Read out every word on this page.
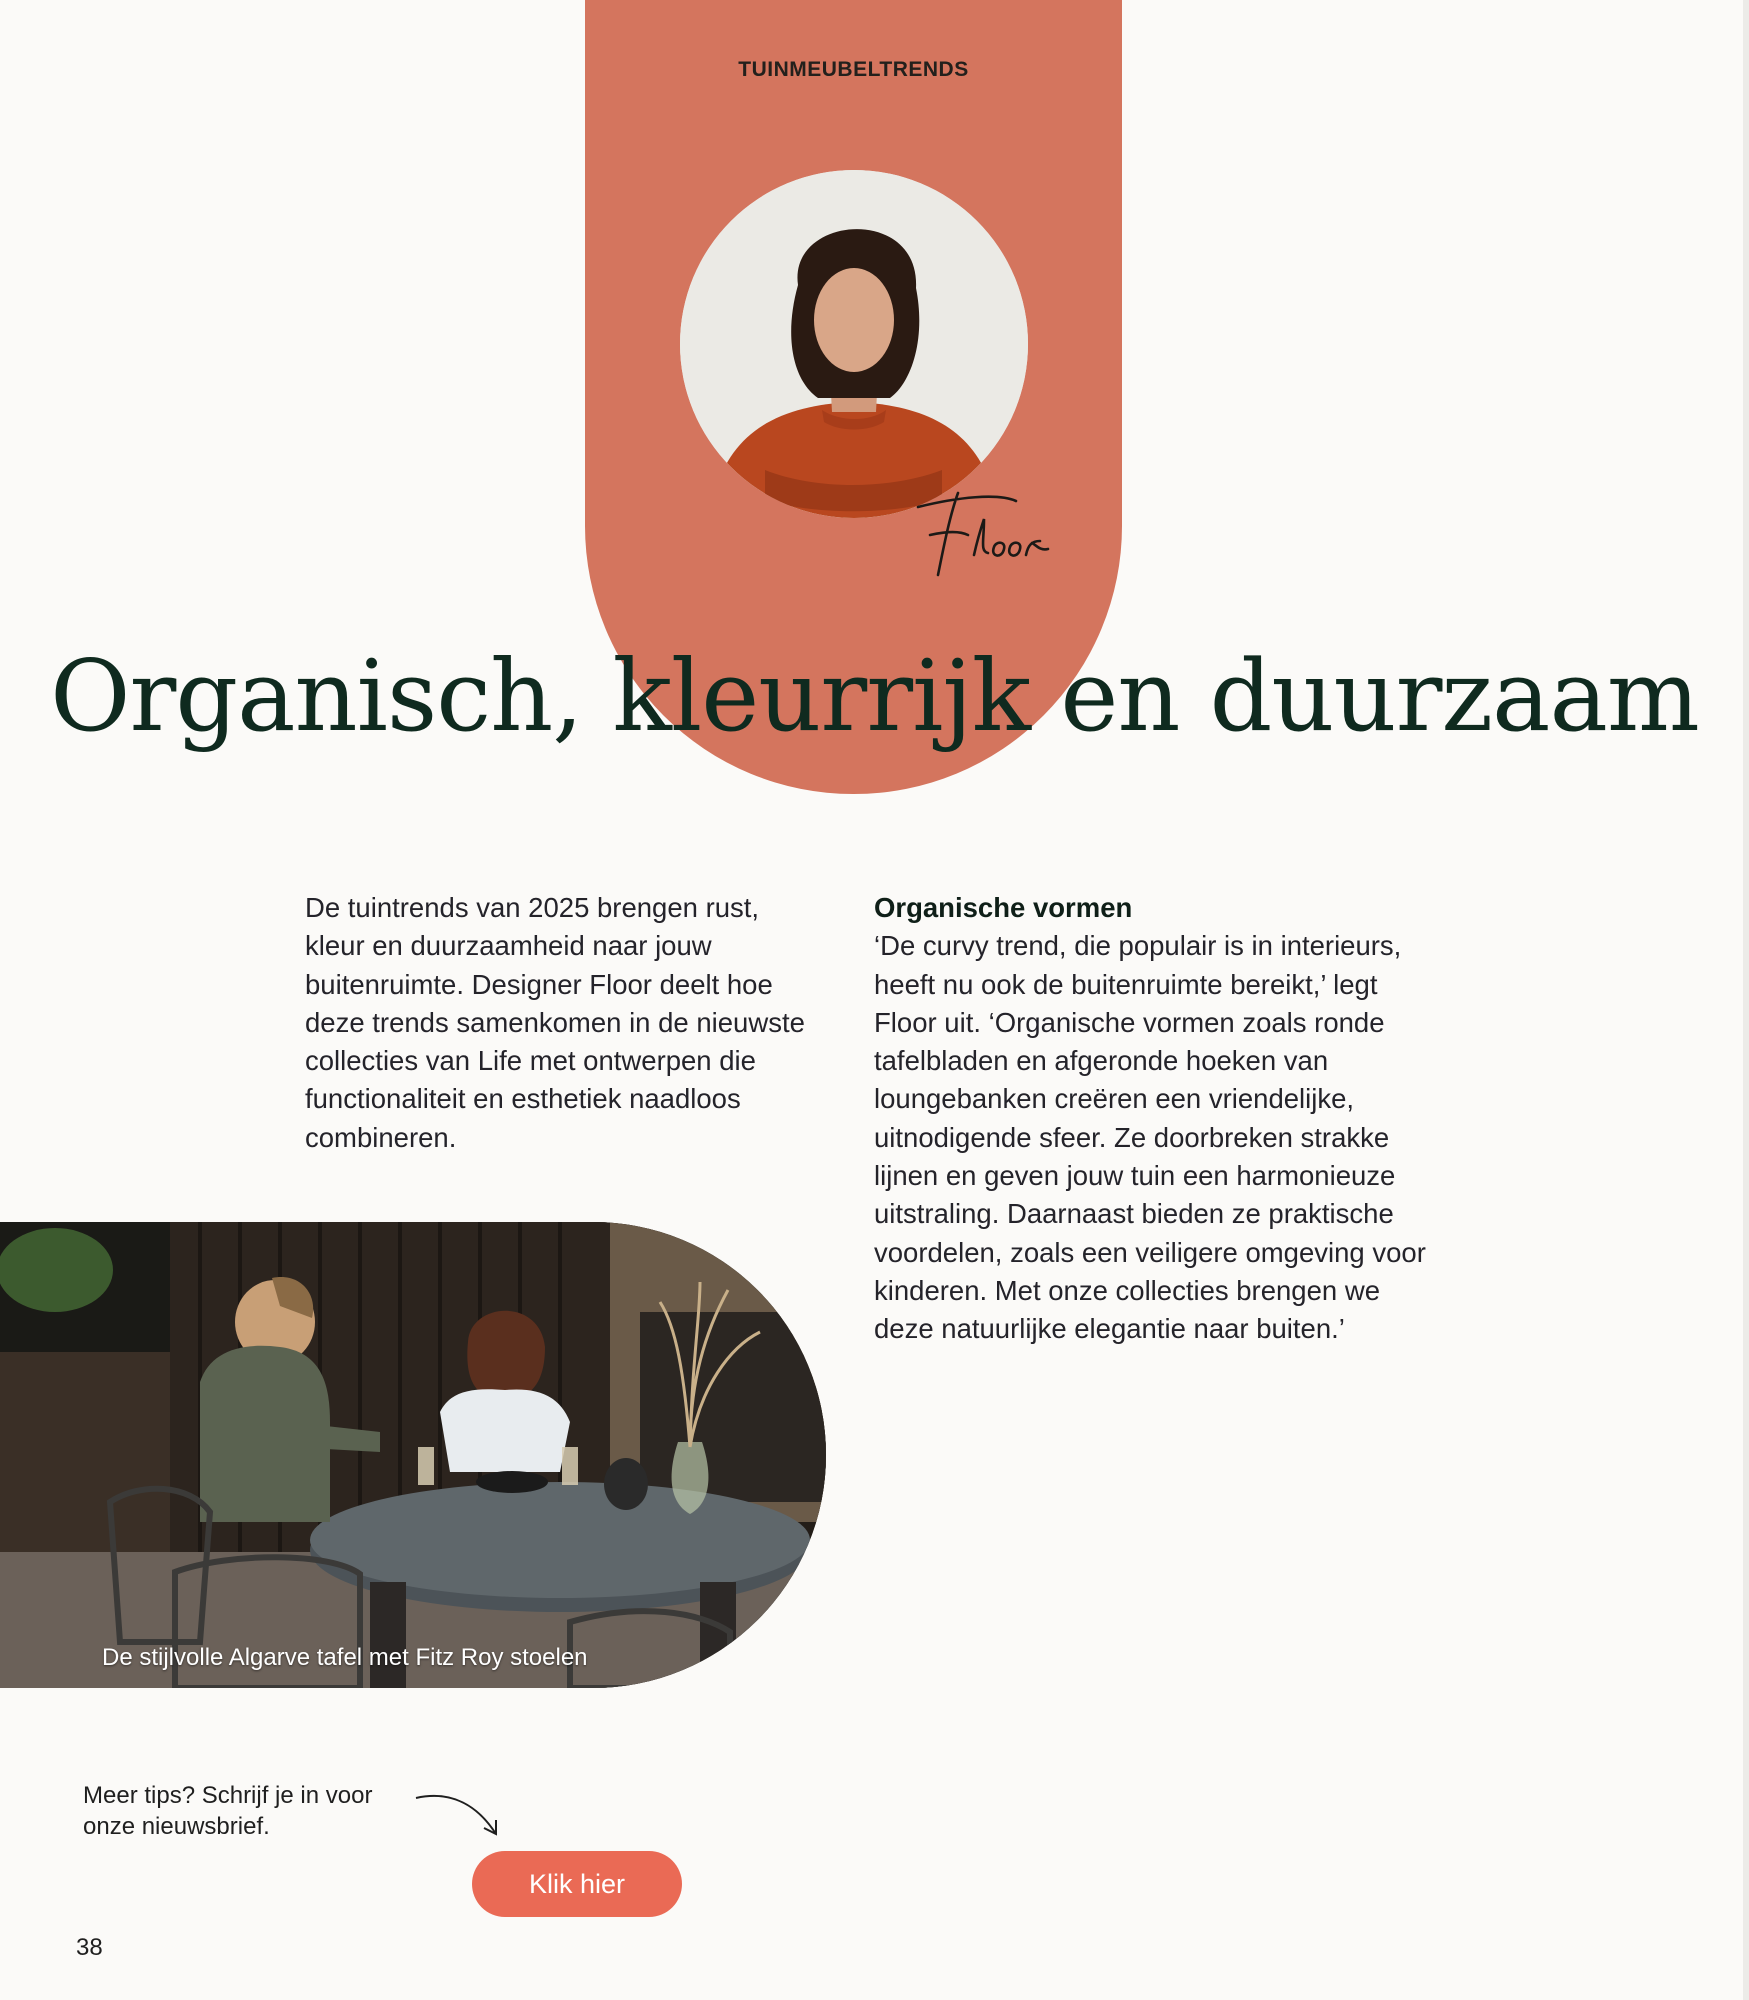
TUINMEUBELTRENDS
Organisch, kleurrijk en duurzaam

De tuintrends van 2025 brengen rust, kleur en duurzaamheid naar jouw buitenruimte. Designer Floor deelt hoe deze trends samenkomen in de nieuwste collecties van Life met ontwerpen die functionaliteit en esthetiek naadloos combineren.

Organische vormen

‘De curvy trend, die populair is in interieurs, heeft nu ook de buitenruimte bereikt,’ legt Floor uit. ‘Organische vormen zoals ronde tafelbladen en afgeronde hoeken van loungebanken creëren een vriendelijke, uitnodigende sfeer. Ze doorbreken strakke lijnen en geven jouw tuin een harmonieuze uitstraling. Daarnaast bieden ze praktische voordelen, zoals een veiligere omgeving voor kinderen. Met onze collecties brengen we deze natuurlijke elegantie naar buiten.’

De stijlvolle Algarve tafel met Fitz Roy stoelen
Meer tips? Schrijf je in voor onze nieuwsbrief.
Klik hier
38
